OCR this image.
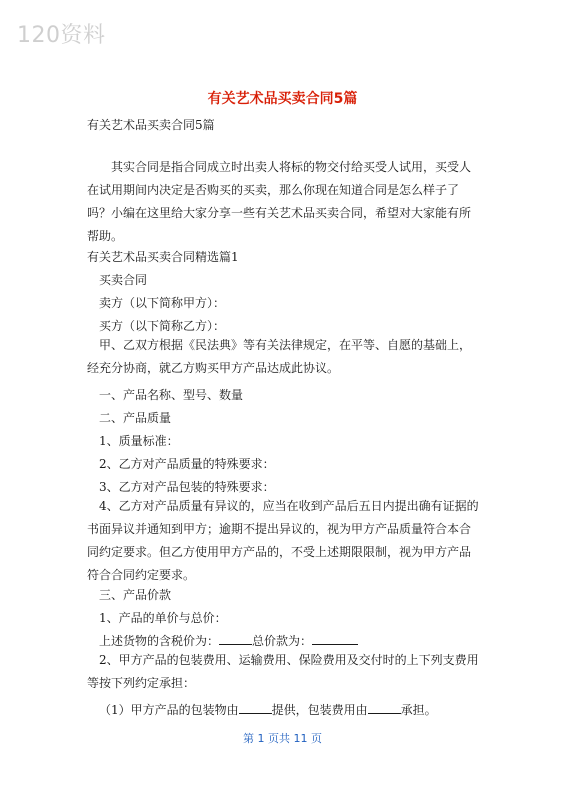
120资料
有关艺术品买卖合同5篇
有关艺术品买卖合同5篇

其实合同是指合同成立时出卖人将标的物交付给买受人试用，买受人在试用期间内决定是否购买的买卖，那么你现在知道合同是怎么样子了吗？小编在这里给大家分享一些有关艺术品买卖合同，希望对大家能有所帮助。

有关艺术品买卖合同精选篇1
买卖合同
卖方（以下简称甲方）：
买方（以下简称乙方）：

甲、乙双方根据《民法典》等有关法律规定，在平等、自愿的基础上，经充分协商，就乙方购买甲方产品达成此协议。

一、产品名称、型号、数量
二、产品质量
1、质量标准：
2、乙方对产品质量的特殊要求：
3、乙方对产品包装的特殊要求：

4、乙方对产品质量有异议的，应当在收到产品后五日内提出确有证据的书面异议并通知到甲方；逾期不提出异议的，视为甲方产品质量符合本合同约定要求。但乙方使用甲方产品的，不受上述期限限制，视为甲方产品符合合同约定要求。

三、产品价款
1、产品的单价与总价：
上述货物的含税价为：	总价款为：

2、甲方产品的包装费用、运输费用、保险费用及交付时的上下列支费用等按下列约定承担：

（1）甲方产品的包装物由	提供，包装费用由	承担。
第 1 页共 11 页
